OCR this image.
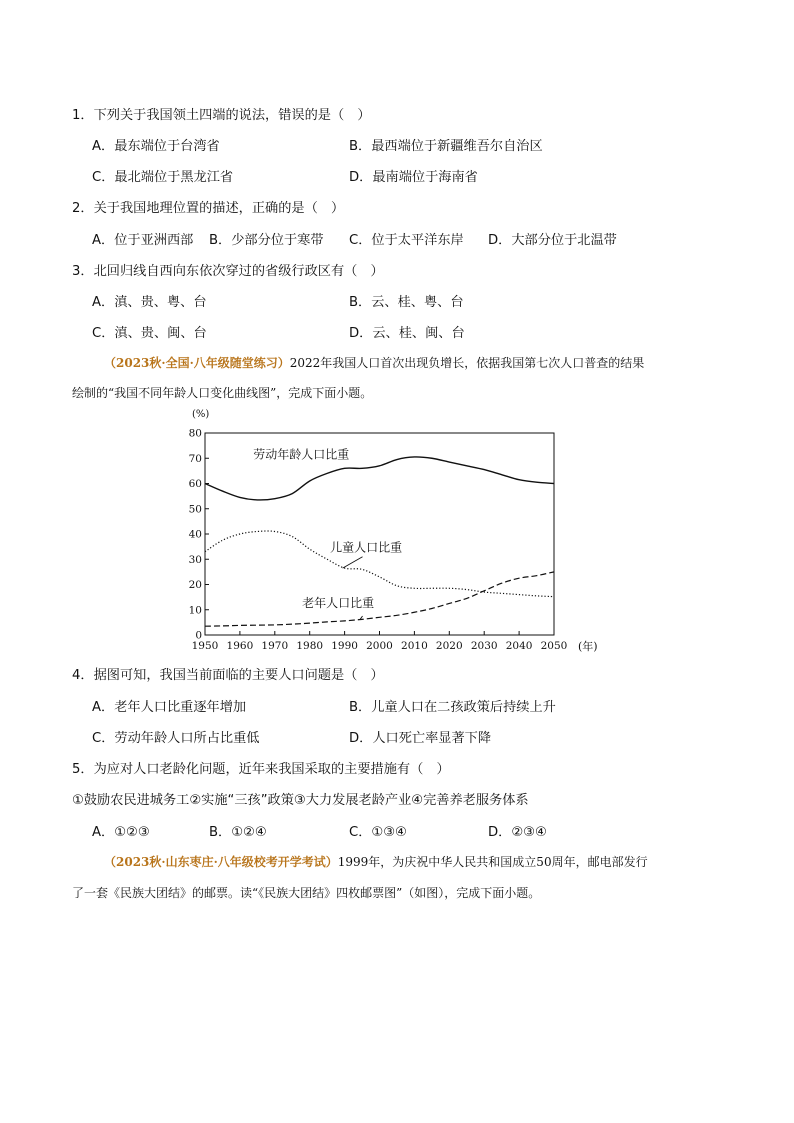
1．下列关于我国领土四端的说法，错误的是（　）
A．最东端位于台湾省	B．最西端位于新疆维吾尔自治区
C．最北端位于黑龙江省	D．最南端位于海南省
2．关于我国地理位置的描述，正确的是（　）
A．位于亚洲西部 B．少部分位于寒带 C．位于太平洋东岸 D．大部分位于北温带
3．北回归线自西向东依次穿过的省级行政区有（　）
A．滇、贵、粤、台	B．云、桂、粤、台
C．滇、贵、闽、台	D．云、桂、闽、台
（2023秋·全国·八年级随堂练习）2022年我国人口首次出现负增长，依据我国第七次人口普查的结果
绘制的“我国不同年龄人口变化曲线图”，完成下面小题。
(%)
(年)
0
10
20
30
40
50
60
70
80
1950 1960 1970 1980 1990 2000 2010 2020 2030 2040 2050
劳动年龄人口比重
儿童人口比重
老年人口比重
4．据图可知，我国当前面临的主要人口问题是（　）
A．老年人口比重逐年增加	B．儿童人口在二孩政策后持续上升
C．劳动年龄人口所占比重低	D．人口死亡率显著下降
5．为应对人口老龄化问题，近年来我国采取的主要措施有（　）
①鼓励农民进城务工②实施“三孩”政策③大力发展老龄产业④完善养老服务体系
A．①②③	B．①②④	C．①③④	D．②③④
（2023秋·山东枣庄·八年级校考开学考试）1999年，为庆祝中华人民共和国成立50周年，邮电部发行
了一套《民族大团结》的邮票。读“《民族大团结》四枚邮票图”（如图），完成下面小题。
